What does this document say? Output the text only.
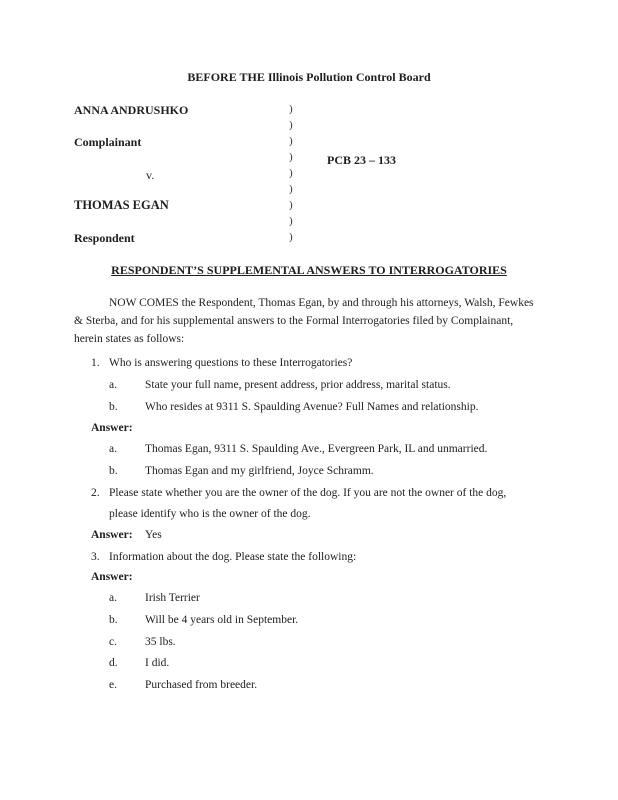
BEFORE THE Illinois Pollution Control Board
ANNA ANDRUSHKO
Complainant
v.
THOMAS EGAN
Respondent
)
)
)
)
)
)
)
)
)
PCB 23 – 133
RESPONDENT’S SUPPLEMENTAL ANSWERS TO INTERROGATORIES
NOW COMES the Respondent, Thomas Egan, by and through his attorneys, Walsh, Fewkes & Sterba, and for his supplemental answers to the Formal Interrogatories filed by Complainant, herein states as follows:
1. Who is answering questions to these Interrogatories?
a. State your full name, present address, prior address, marital status.
b. Who resides at 9311 S. Spaulding Avenue? Full Names and relationship.
Answer:
a. Thomas Egan, 9311 S. Spaulding Ave., Evergreen Park, IL and unmarried.
b. Thomas Egan and my girlfriend, Joyce Schramm.
2. Please state whether you are the owner of the dog. If you are not the owner of the dog,
please identify who is the owner of the dog.
Answer: Yes
3. Information about the dog. Please state the following:
Answer:
a. Irish Terrier
b. Will be 4 years old in September.
c. 35 lbs.
d. I did.
e. Purchased from breeder.
